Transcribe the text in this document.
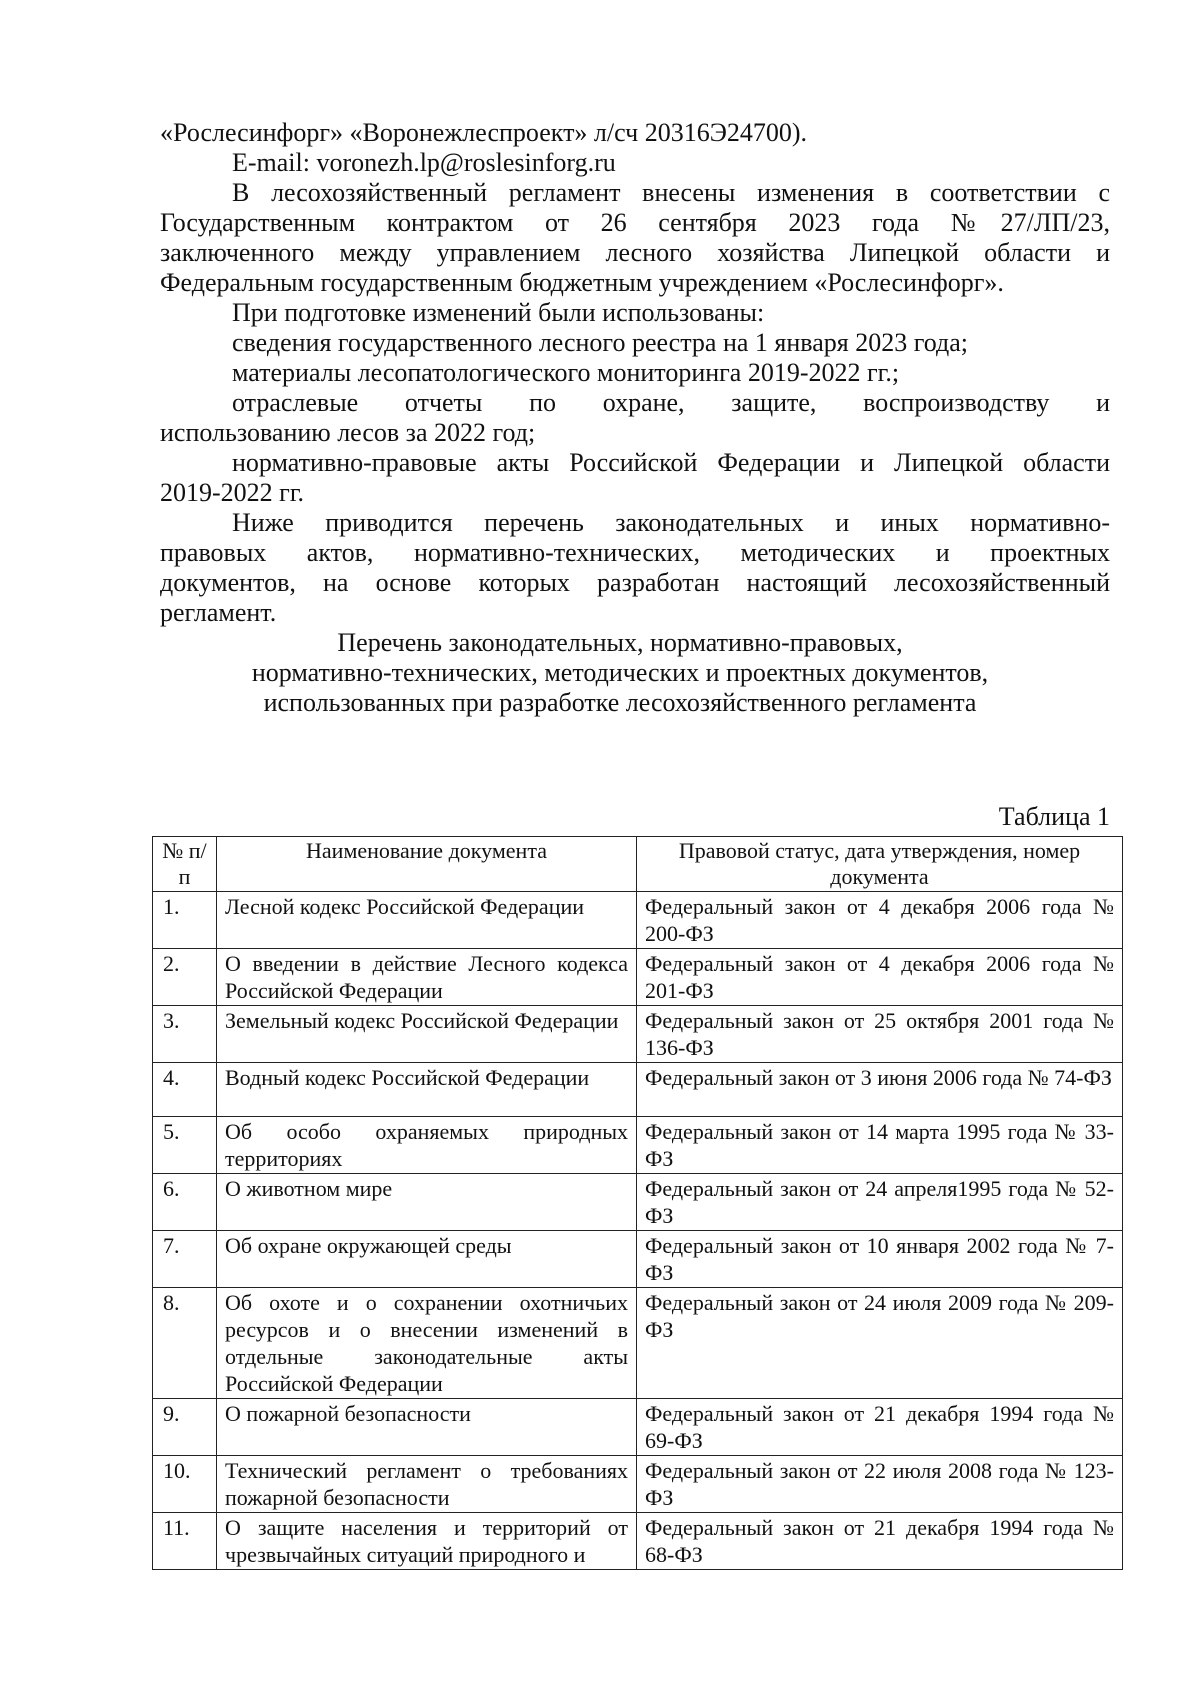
«Рослесинфорг» «Воронежлеспроект» л/сч 20316Э24700).
E-mail: voronezh.lp@roslesinforg.ru
В лесохозяйственный регламент внесены изменения в соответствии с
Государственным контрактом от 26 сентября 2023 года №27/ЛП/23,
заключенного между управлением лесного хозяйства Липецкой области и
Федеральным государственным бюджетным учреждением «Рослесинфорг».
При подготовке изменений были использованы:
сведения государственного лесного реестра на 1 января 2023 года;
материалы лесопатологического мониторинга 2019-2022 гг.;
отраслевые отчеты по охране, защите, воспроизводству и
использованию лесов за 2022 год;
нормативно-правовые акты Российской Федерации и Липецкой области
2019-2022 гг.
Ниже приводится перечень законодательных и иных нормативно-
правовых актов, нормативно-технических, методических и проектных
документов, на основе которых разработан настоящий лесохозяйственный
регламент.
Перечень законодательных, нормативно-правовых,
нормативно-технических, методических и проектных документов,
использованных при разработке лесохозяйственного регламента
Таблица 1
№ п/п	Наименование документа	Правовой статус, дата утверждения, номер документа
1.	Лесной кодекс Российской Федерации	Федеральный закон от 4 декабря 2006 года № 200-ФЗ
2.	О введении в действие Лесного кодекса Российской Федерации	Федеральный закон от 4 декабря 2006 года № 201-ФЗ
3.	Земельный кодекс Российской Федерации	Федеральный закон от 25 октября 2001 года № 136-ФЗ
4.	Водный кодекс Российской Федерации	Федеральный закон от 3 июня 2006 года № 74-ФЗ
5.	Об особо охраняемых природных территориях	Федеральный закон от 14 марта 1995 года № 33-ФЗ
6.	О животном мире	Федеральный закон от 24 апреля1995 года № 52-ФЗ
7.	Об охране окружающей среды	Федеральный закон от 10 января 2002 года № 7-ФЗ
8.	Об охоте и о сохранении охотничьих ресурсов и о внесении изменений в отдельные законодательные акты Российской Федерации	Федеральный закон от 24 июля 2009 года № 209-ФЗ
9.	О пожарной безопасности	Федеральный закон от 21 декабря 1994 года № 69-ФЗ
10.	Технический регламент о требованиях пожарной безопасности	Федеральный закон от 22 июля 2008 года № 123-ФЗ
11.	О защите населения и территорий от чрезвычайных ситуаций природного и	Федеральный закон от 21 декабря 1994 года № 68-ФЗ
